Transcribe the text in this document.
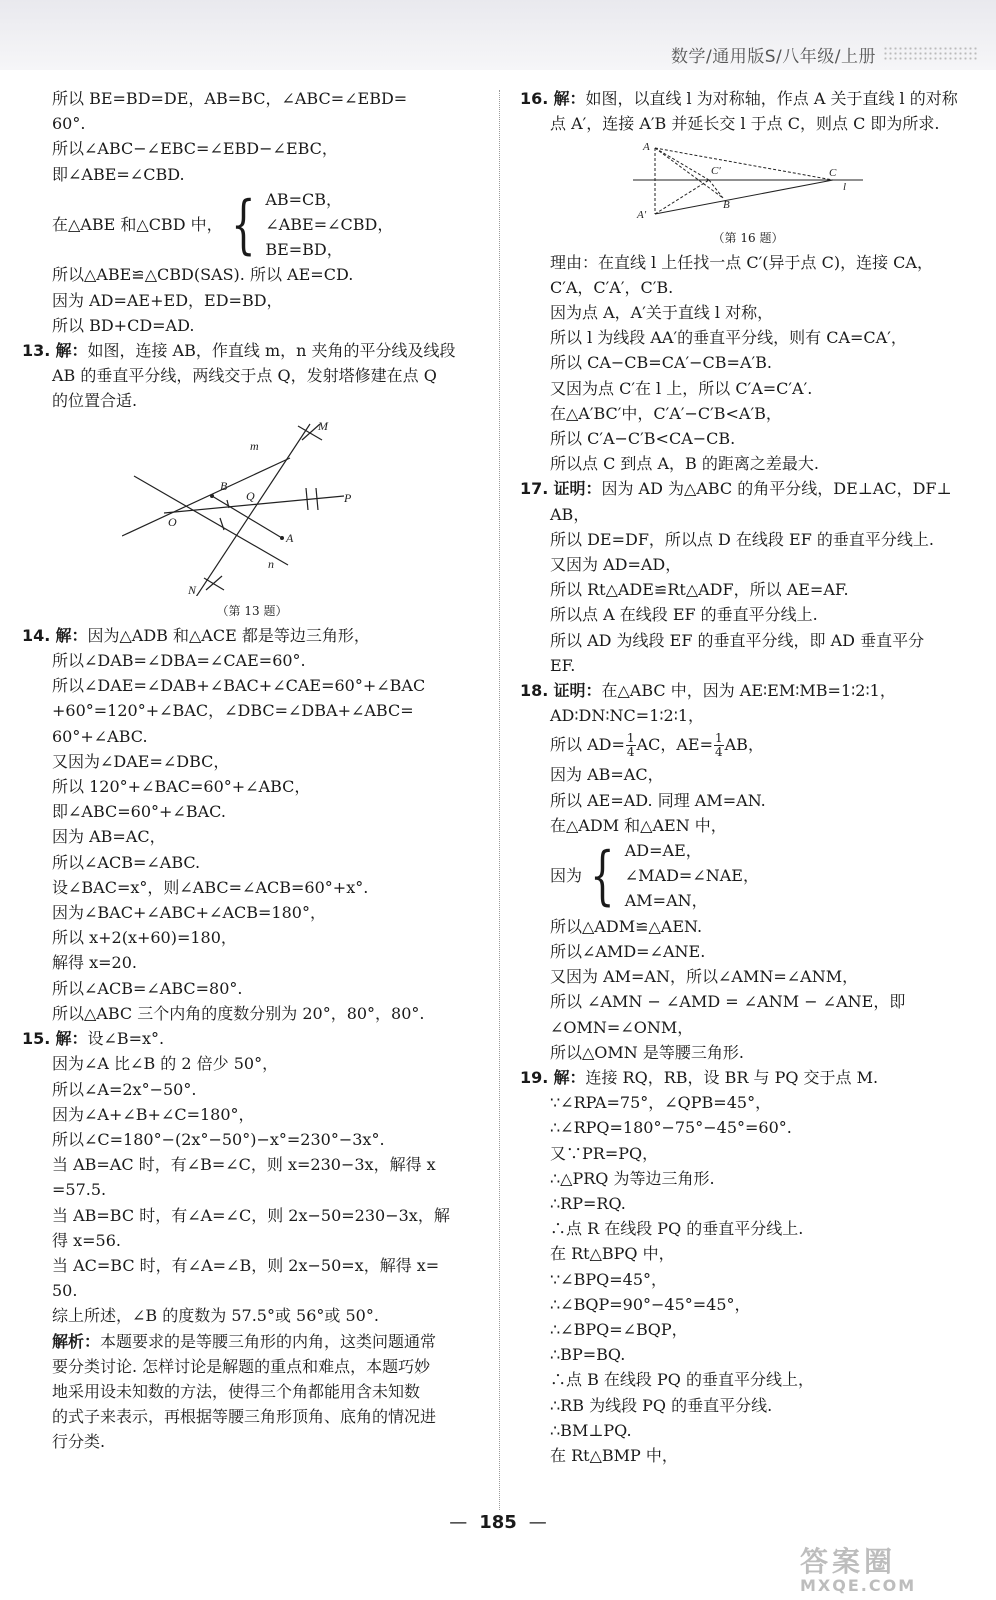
数学/通用版S/八年级/上册
所以 BE=BD=DE，AB=BC，∠ABC=∠EBD=
60°.
所以∠ABC−∠EBC=∠EBD−∠EBC，
即∠ABE=∠CBD.
在△ABE 和△CBD 中， { AB=CB，
∠ABE=∠CBD，
BE=BD，
所以△ABE≌△CBD(SAS). 所以 AE=CD.
因为 AD=AE+ED，ED=BD，
所以 BD+CD=AD.
13. 解：如图，连接 AB，作直线 m，n 夹角的平分线及线段
AB 的垂直平分线，两线交于点 Q，发射塔修建在点 Q
的位置合适.
M
m
B
Q	P
O
A
n
N
（第 13 题）
14. 解：因为△ADB 和△ACE 都是等边三角形，
所以∠DAB=∠DBA=∠CAE=60°.
所以∠DAE=∠DAB+∠BAC+∠CAE=60°+∠BAC
+60°=120°+∠BAC，∠DBC=∠DBA+∠ABC=
60°+∠ABC.
又因为∠DAE=∠DBC，
所以 120°+∠BAC=60°+∠ABC，
即∠ABC=60°+∠BAC.
因为 AB=AC，
所以∠ACB=∠ABC.
设∠BAC=x°，则∠ABC=∠ACB=60°+x°.
因为∠BAC+∠ABC+∠ACB=180°，
所以 x+2(x+60)=180，
解得 x=20.
所以∠ACB=∠ABC=80°.
所以△ABC 三个内角的度数分别为 20°，80°，80°.
15. 解：设∠B=x°.
因为∠A 比∠B 的 2 倍少 50°，
所以∠A=2x°−50°.
因为∠A+∠B+∠C=180°，
所以∠C=180°−(2x°−50°)−x°=230°−3x°.
当 AB=AC 时，有∠B=∠C，则 x=230−3x，解得 x
=57.5.
当 AB=BC 时，有∠A=∠C，则 2x−50=230−3x，解
得 x=56.
当 AC=BC 时，有∠A=∠B，则 2x−50=x，解得 x=
50.
综上所述，∠B 的度数为 57.5°或 56°或 50°.
解析：本题要求的是等腰三角形的内角，这类问题通常
要分类讨论. 怎样讨论是解题的重点和难点，本题巧妙
地采用设未知数的方法，使得三个角都能用含未知数
的式子来表示，再根据等腰三角形顶角、底角的情况进
行分类.
16. 解：如图，以直线 l 为对称轴，作点 A 关于直线 l 的对称
点 A′，连接 A′B 并延长交 l 于点 C，则点 C 即为所求.
A
C′	C
l
B
A′
（第 16 题）
理由：在直线 l 上任找一点 C′(异于点 C)，连接 CA，
C′A，C′A′，C′B.
因为点 A，A′关于直线 l 对称，
所以 l 为线段 AA′的垂直平分线，则有 CA=CA′，
所以 CA−CB=CA′−CB=A′B.
又因为点 C′在 l 上，所以 C′A=C′A′.
在△A′BC′中，C′A′−C′B<A′B，
所以 C′A−C′B<CA−CB.
所以点 C 到点 A，B 的距离之差最大.
17. 证明：因为 AD 为△ABC 的角平分线，DE⊥AC，DF⊥
AB，
所以 DE=DF，所以点 D 在线段 EF 的垂直平分线上.
又因为 AD=AD，
所以 Rt△ADE≌Rt△ADF，所以 AE=AF.
所以点 A 在线段 EF 的垂直平分线上.
所以 AD 为线段 EF 的垂直平分线，即 AD 垂直平分
EF.
18. 证明：在△ABC 中，因为 AE∶EM∶MB=1∶2∶1，
AD∶DN∶NC=1∶2∶1，
所以 $AD= \frac{1}{4}$ AC，$AE= \frac{1}{4}$ AB，
因为 AB=AC，
所以 AE=AD. 同理 AM=AN.
在△ADM 和△AEN 中，
因为 { AD=AE，
∠MAD=∠NAE，
AM=AN，
所以△ADM≌△AEN.
所以∠AMD=∠ANE.
又因为 AM=AN，所以∠AMN=∠ANM，
所以 ∠AMN − ∠AMD = ∠ANM − ∠ANE，即
∠OMN=∠ONM，
所以△OMN 是等腰三角形.
19. 解：连接 RQ，RB，设 BR 与 PQ 交于点 M.
∵∠RPA=75°，∠QPB=45°，
∴∠RPQ=180°−75°−45°=60°.
又∵PR=PQ，
∴△PRQ 为等边三角形.
∴RP=RQ.
∴点 R 在线段 PQ 的垂直平分线上.
在 Rt△BPQ 中，
∵∠BPQ=45°，
∴∠BQP=90°−45°=45°，
∴∠BPQ=∠BQP，
∴BP=BQ.
∴点 B 在线段 PQ 的垂直平分线上，
∴RB 为线段 PQ 的垂直平分线.
∴BM⊥PQ.
在 Rt△BMP 中，
— 185 —
答案圈
MXQE.COM
